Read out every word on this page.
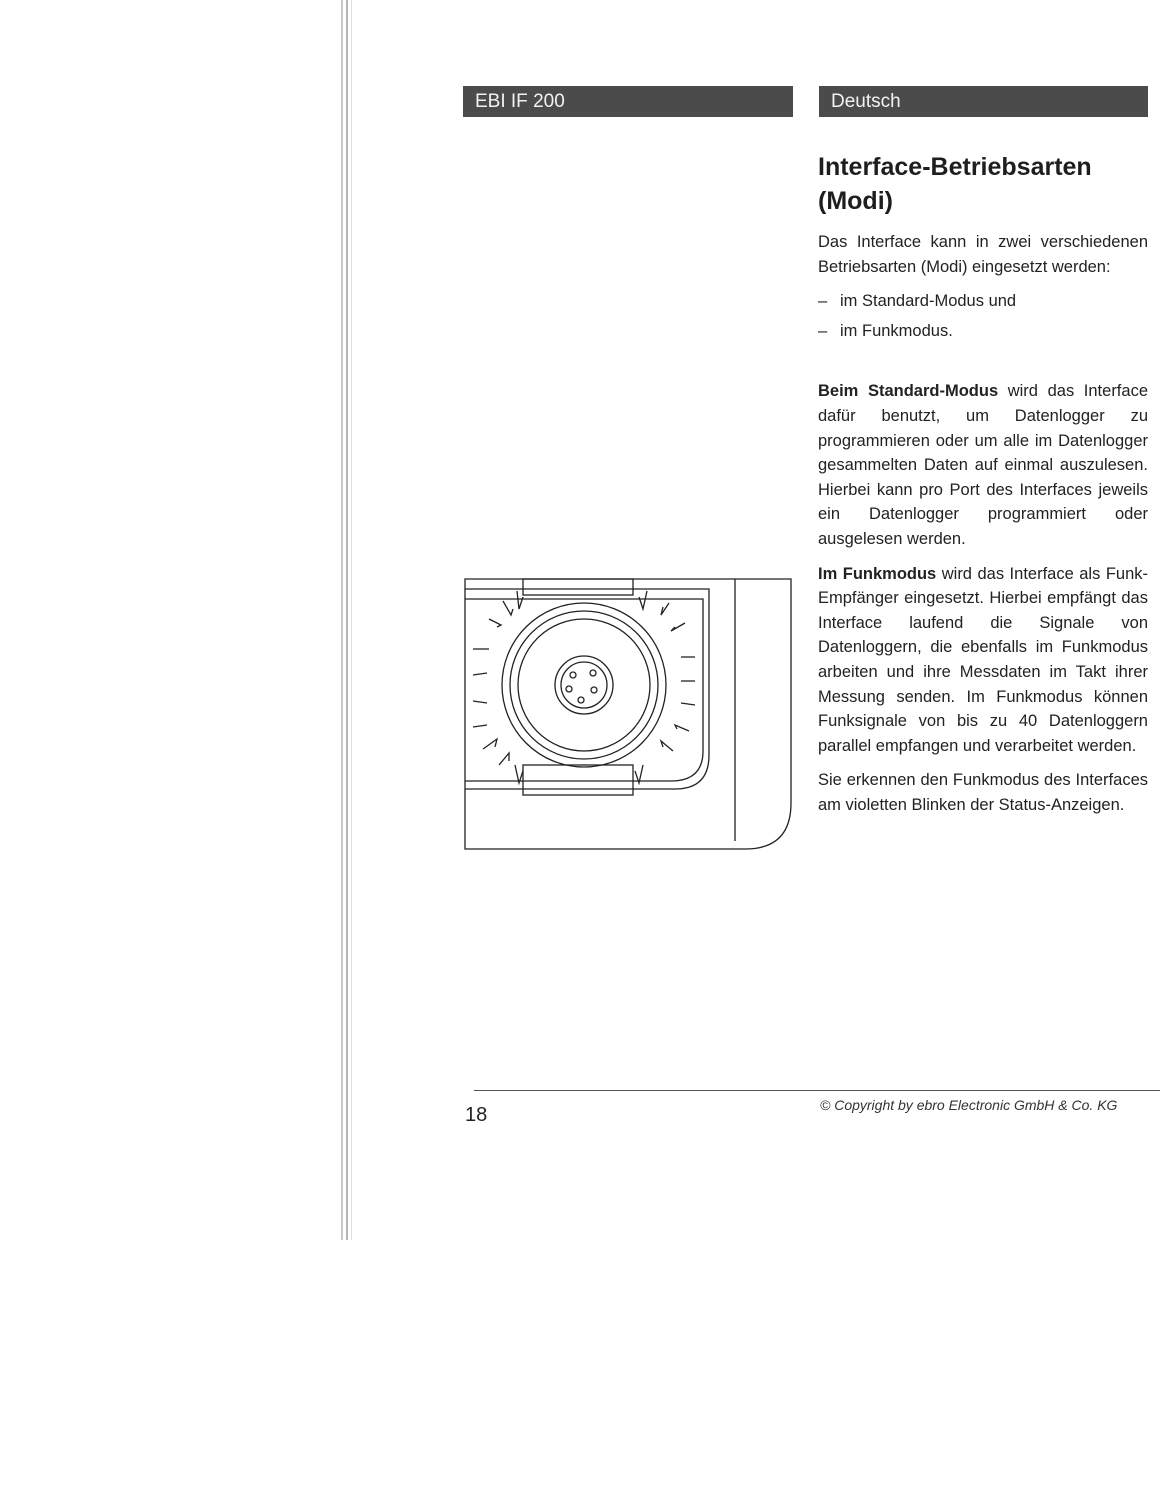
EBI IF 200	Deutsch
Interface-Betriebsarten (Modi)

Das Interface kann in zwei verschiedenen Betriebsarten (Modi) eingesetzt werden:

– im Standard-Modus und
– im Funkmodus.

Beim Standard-Modus wird das Interface dafür benutzt, um Datenlogger zu programmieren oder um alle im Datenlogger gesammelten Daten auf einmal auszulesen. Hierbei kann pro Port des Interfaces jeweils ein Datenlogger programmiert oder ausgelesen werden.

Im Funkmodus wird das Interface als Funk-Empfänger eingesetzt. Hierbei empfängt das Interface laufend die Signale von Datenloggern, die ebenfalls im Funkmodus arbeiten und ihre Messdaten im Takt ihrer Messung senden. Im Funkmodus können Funksignale von bis zu 40 Datenloggern parallel empfangen und verarbeitet werden.

Sie erkennen den Funkmodus des Interfaces am violetten Blinken der Status-Anzeigen.

18	© Copyright by ebro Electronic GmbH & Co. KG
